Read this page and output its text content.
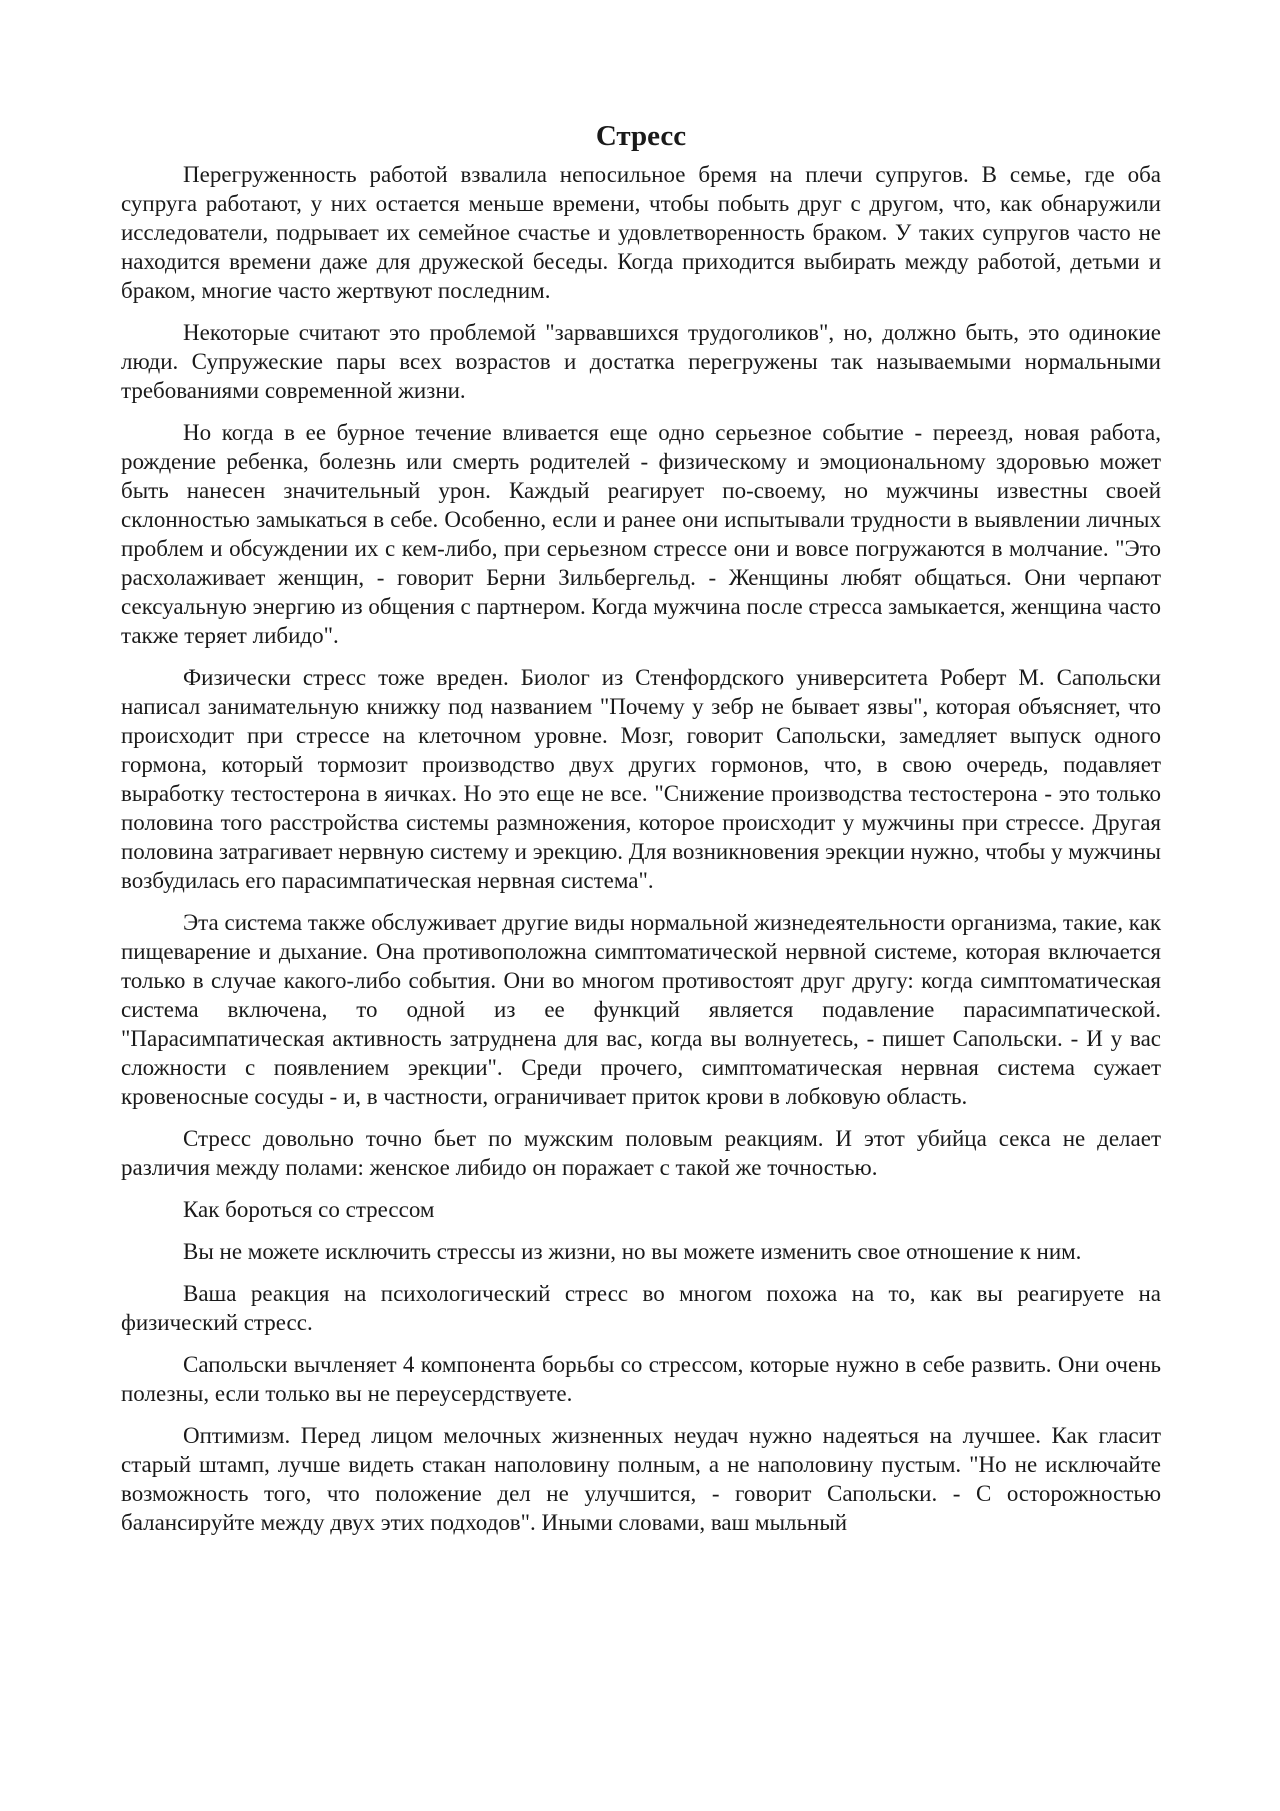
Стресс

Перегруженность работой взвалила непосильное бремя на плечи супругов. В семье, где оба супруга работают, у них остается меньше времени, чтобы побыть друг с другом, что, как обнаружили исследователи, подрывает их семейное счастье и удовлетворенность браком. У таких супругов часто не находится времени даже для дружеской беседы. Когда приходится выбирать между работой, детьми и браком, многие часто жертвуют последним.

Некоторые считают это проблемой "зарвавшихся трудоголиков", но, должно быть, это одинокие люди. Супружеские пары всех возрастов и достатка перегружены так называемыми нормальными требованиями современной жизни.

Но когда в ее бурное течение вливается еще одно серьезное событие - переезд, новая работа, рождение ребенка, болезнь или смерть родителей - физическому и эмоциональному здоровью может быть нанесен значительный урон. Каждый реагирует по-своему, но мужчины известны своей склонностью замыкаться в себе. Особенно, если и ранее они испытывали трудности в выявлении личных проблем и обсуждении их с кем-либо, при серьезном стрессе они и вовсе погружаются в молчание. "Это расхолаживает женщин, - говорит Берни Зильбергельд. - Женщины любят общаться. Они черпают сексуальную энергию из общения с партнером. Когда мужчина после стресса замыкается, женщина часто также теряет либидо".

Физически стресс тоже вреден. Биолог из Стенфордского университета Роберт М. Сапольски написал занимательную книжку под названием "Почему у зебр не бывает язвы", которая объясняет, что происходит при стрессе на клеточном уровне. Мозг, говорит Сапольски, замедляет выпуск одного гормона, который тормозит производство двух других гормонов, что, в свою очередь, подавляет выработку тестостерона в яичках. Но это еще не все. "Снижение производства тестостерона - это только половина того расстройства системы размножения, которое происходит у мужчины при стрессе. Другая половина затрагивает нервную систему и эрекцию. Для возникновения эрекции нужно, чтобы у мужчины возбудилась его парасимпатическая нервная система".

Эта система также обслуживает другие виды нормальной жизнедеятельности организма, такие, как пищеварение и дыхание. Она противоположна симптоматической нервной системе, которая включается только в случае какого-либо события. Они во многом противостоят друг другу: когда симптоматическая система включена, то одной из ее функций является подавление парасимпатической. "Парасимпатическая активность затруднена для вас, когда вы волнуетесь, - пишет Сапольски. - И у вас сложности с появлением эрекции". Среди прочего, симптоматическая нервная система сужает кровеносные сосуды - и, в частности, ограничивает приток крови в лобковую область.

Стресс довольно точно бьет по мужским половым реакциям. И этот убийца секса не делает различия между полами: женское либидо он поражает с такой же точностью.

Как бороться со стрессом

Вы не можете исключить стрессы из жизни, но вы можете изменить свое отношение к ним.

Ваша реакция на психологический стресс во многом похожа на то, как вы реагируете на физический стресс.

Сапольски вычленяет 4 компонента борьбы со стрессом, которые нужно в себе развить. Они очень полезны, если только вы не переусердствуете.

Оптимизм. Перед лицом мелочных жизненных неудач нужно надеяться на лучшее. Как гласит старый штамп, лучше видеть стакан наполовину полным, а не наполовину пустым. "Но не исключайте возможность того, что положение дел не улучшится, - говорит Сапольски. - С осторожностью балансируйте между двух этих подходов". Иными словами, ваш мыльный
